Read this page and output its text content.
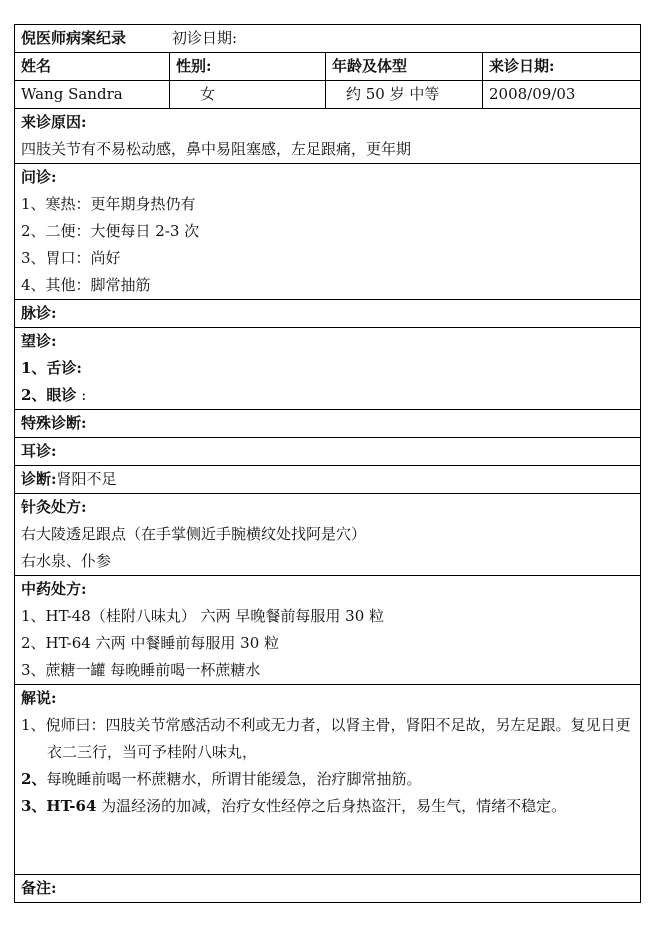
倪医师病案纪录 初诊日期:			
姓名	性别:	年龄及体型	来诊日期:
Wang Sandra	女	约 50 岁 中等	2008/09/03

来诊原因:
四肢关节有不易松动感，鼻中易阻塞感，左足跟痛，更年期			

问诊:
1、寒热：更年期身热仍有
2、二便：大便每日 2-3 次
3、胃口：尚好
4、其他：脚常抽筋			

脉诊:			

望诊:
1、舌诊:
2、眼诊 :			

特殊诊断:			
耳诊:			
诊断:肾阳不足			

针灸处方:
右大陵透足跟点（在手掌侧近手腕横纹处找阿是穴）
右水泉、仆参			

中药处方:
1、HT-48（桂附八味丸） 六两 早晚餐前每服用 30 粒
2、HT-64 六两 中餐睡前每服用 30 粒
3、蔗糖一罐 每晚睡前喝一杯蔗糖水			

解说:
1、倪师曰：四肢关节常感活动不利或无力者，以肾主骨，肾阳不足故，另左足跟。复见日更衣二三行，当可予桂附八味丸，
2、每晚睡前喝一杯蔗糖水，所谓甘能缓急，治疗脚常抽筋。
3、HT-64 为温经汤的加减，治疗女性经停之后身热盗汗，易生气，情绪不稳定。			

备注:			
